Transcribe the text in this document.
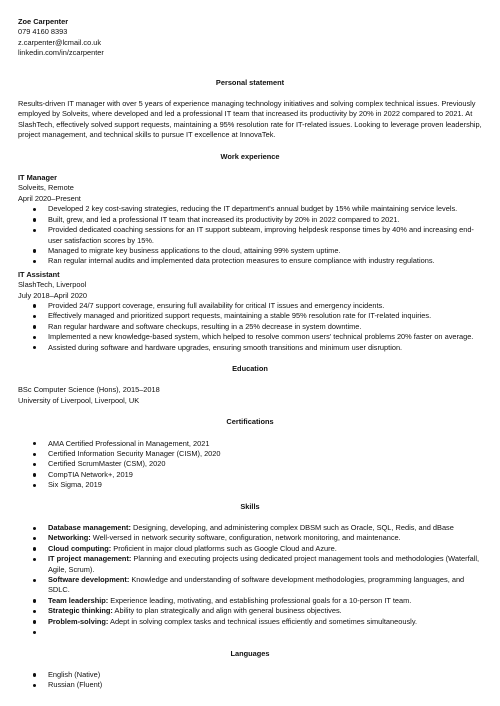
Zoe Carpenter
079 4160 8393
z.carpenter@lcmail.co.uk
linkedin.com/in/zcarpenter
Personal statement

Results-driven IT manager with over 5 years of experience managing technology initiatives and solving complex technical issues. Previously employed by Solveits, where developed and led a professional IT team that increased its productivity by 20% in 2022 compared to 2021. At SlashTech, effectively solved support requests, maintaining a 95% resolution rate for IT-related issues. Looking to leverage proven leadership, project management, and technical skills to pursue IT excellence at InnovaTek.

Work experience
IT Manager
Solveits, Remote
April 2020–Present
Developed 2 key cost-saving strategies, reducing the IT department's annual budget by 15% while maintaining service levels.
Built, grew, and led a professional IT team that increased its productivity by 20% in 2022 compared to 2021.
Provided dedicated coaching sessions for an IT support subteam, improving helpdesk response times by 40% and increasing end-user satisfaction scores by 15%.
Managed to migrate key business applications to the cloud, attaining 99% system uptime.
Ran regular internal audits and implemented data protection measures to ensure compliance with industry regulations.
IT Assistant
SlashTech, Liverpool
July 2018–April 2020
Provided 24/7 support coverage, ensuring full availability for critical IT issues and emergency incidents.
Effectively managed and prioritized support requests, maintaining a stable 95% resolution rate for IT-related inquiries.
Ran regular hardware and software checkups, resulting in a 25% decrease in system downtime.
Implemented a new knowledge-based system, which helped to resolve common users' technical problems 20% faster on average.
Assisted during software and hardware upgrades, ensuring smooth transitions and minimum user disruption.
Education
BSc Computer Science (Hons), 2015–2018
University of Liverpool, Liverpool, UK
Certifications
AMA Certified Professional in Management, 2021
Certified Information Security Manager (CISM), 2020
Certified ScrumMaster (CSM), 2020
CompTIA Network+, 2019
Six Sigma, 2019
Skills
Database management: Designing, developing, and administering complex DBSM such as Oracle, SQL, Redis, and dBase
Networking: Well-versed in network security software, configuration, network monitoring, and maintenance.
Cloud computing: Proficient in major cloud platforms such as Google Cloud and Azure.
IT project management: Planning and executing projects using dedicated project management tools and methodologies (Waterfall, Agile, Scrum).
Software development: Knowledge and understanding of software development methodologies, programming languages, and SDLC.
Team leadership: Experience leading, motivating, and establishing professional goals for a 10-person IT team.
Strategic thinking: Ability to plan strategically and align with general business objectives.
Problem-solving: Adept in solving complex tasks and technical issues efficiently and sometimes simultaneously.

Languages
English (Native)
Russian (Fluent)
